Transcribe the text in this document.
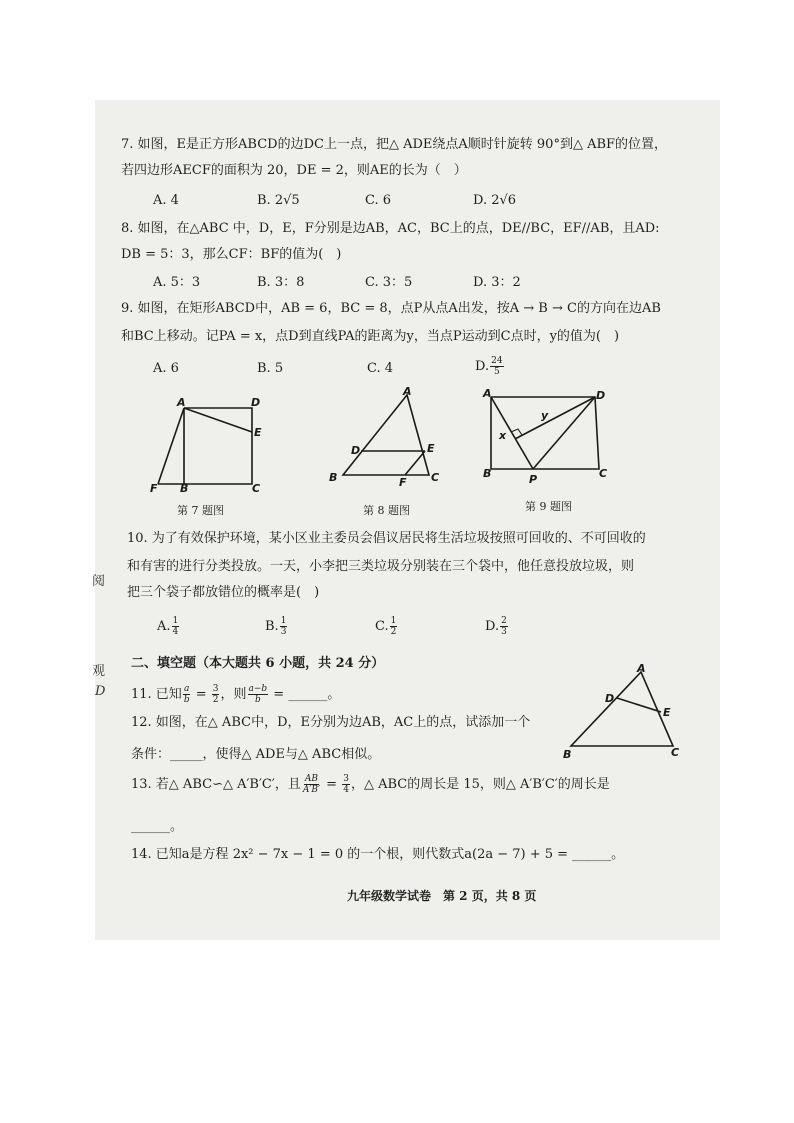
7. 如图，E是正方形ABCD的边DC上一点，把△ ADE绕点A顺时针旋转 90°到△ ABF的位置，
若四边形AECF的面积为 20，DE = 2，则AE的长为（　）
A. 4	B. 2√5	C. 6	D. 2√6
8. 如图，在△ABC 中，D，E，F分别是边AB，AC，BC上的点，DE//BC，EF//AB，且AD:
DB = 5：3，那么CF：BF的值为(　)
A. 5：3	B. 3：8	C. 3：5	D. 3：2
9. 如图，在矩形ABCD中，AB = 6，BC = 8，点P从点A出发，按A → B → C的方向在边AB
和BC上移动。记PA = x，点D到直线PA的距离为y，当点P运动到C点时，y的值为(　)
A. 6	B. 5	C. 4	D. $\frac{24}{5}$
A	D
E
F B	C
第 7 题图
A
D	E
B	F C
第 8 题图
A	D
y
x
B	P	C
第 9 题图
10. 为了有效保护环境，某小区业主委员会倡议居民将生活垃圾按照可回收的、不可回收的
和有害的进行分类投放。一天，小李把三类垃圾分别装在三个袋中，他任意投放垃圾，则
把三个袋子都放错位的概率是(　)
A. $\frac{1}{4}$	B. $\frac{1}{3}$	C. $\frac{1}{2}$	D. $\frac{2}{3}$
二、填空题（本大题共 6 小题，共 24 分）
11. 已知 $\frac{a}{b} = \frac{3}{2}$ ，则 $\frac{a-b}{b}$ = ______。
12. 如图，在△ ABC中，D，E分别为边AB，AC上的点，试添加一个
条件：_____，使得△ ADE与△ ABC相似。
A
D
E
B	C
13. 若△ ABC∽△ A′B′C′，且 $\frac{AB}{A'B'} = \frac{3}{4}$ ，△ ABC的周长是 15，则△ A′B′C′的周长是
______。
14. 已知a是方程 2x² − 7x − 1 = 0 的一个根，则代数式a(2a − 7) + 5 = ______。
九年级数学试卷　第 2 页，共 8 页
阅
观
D
